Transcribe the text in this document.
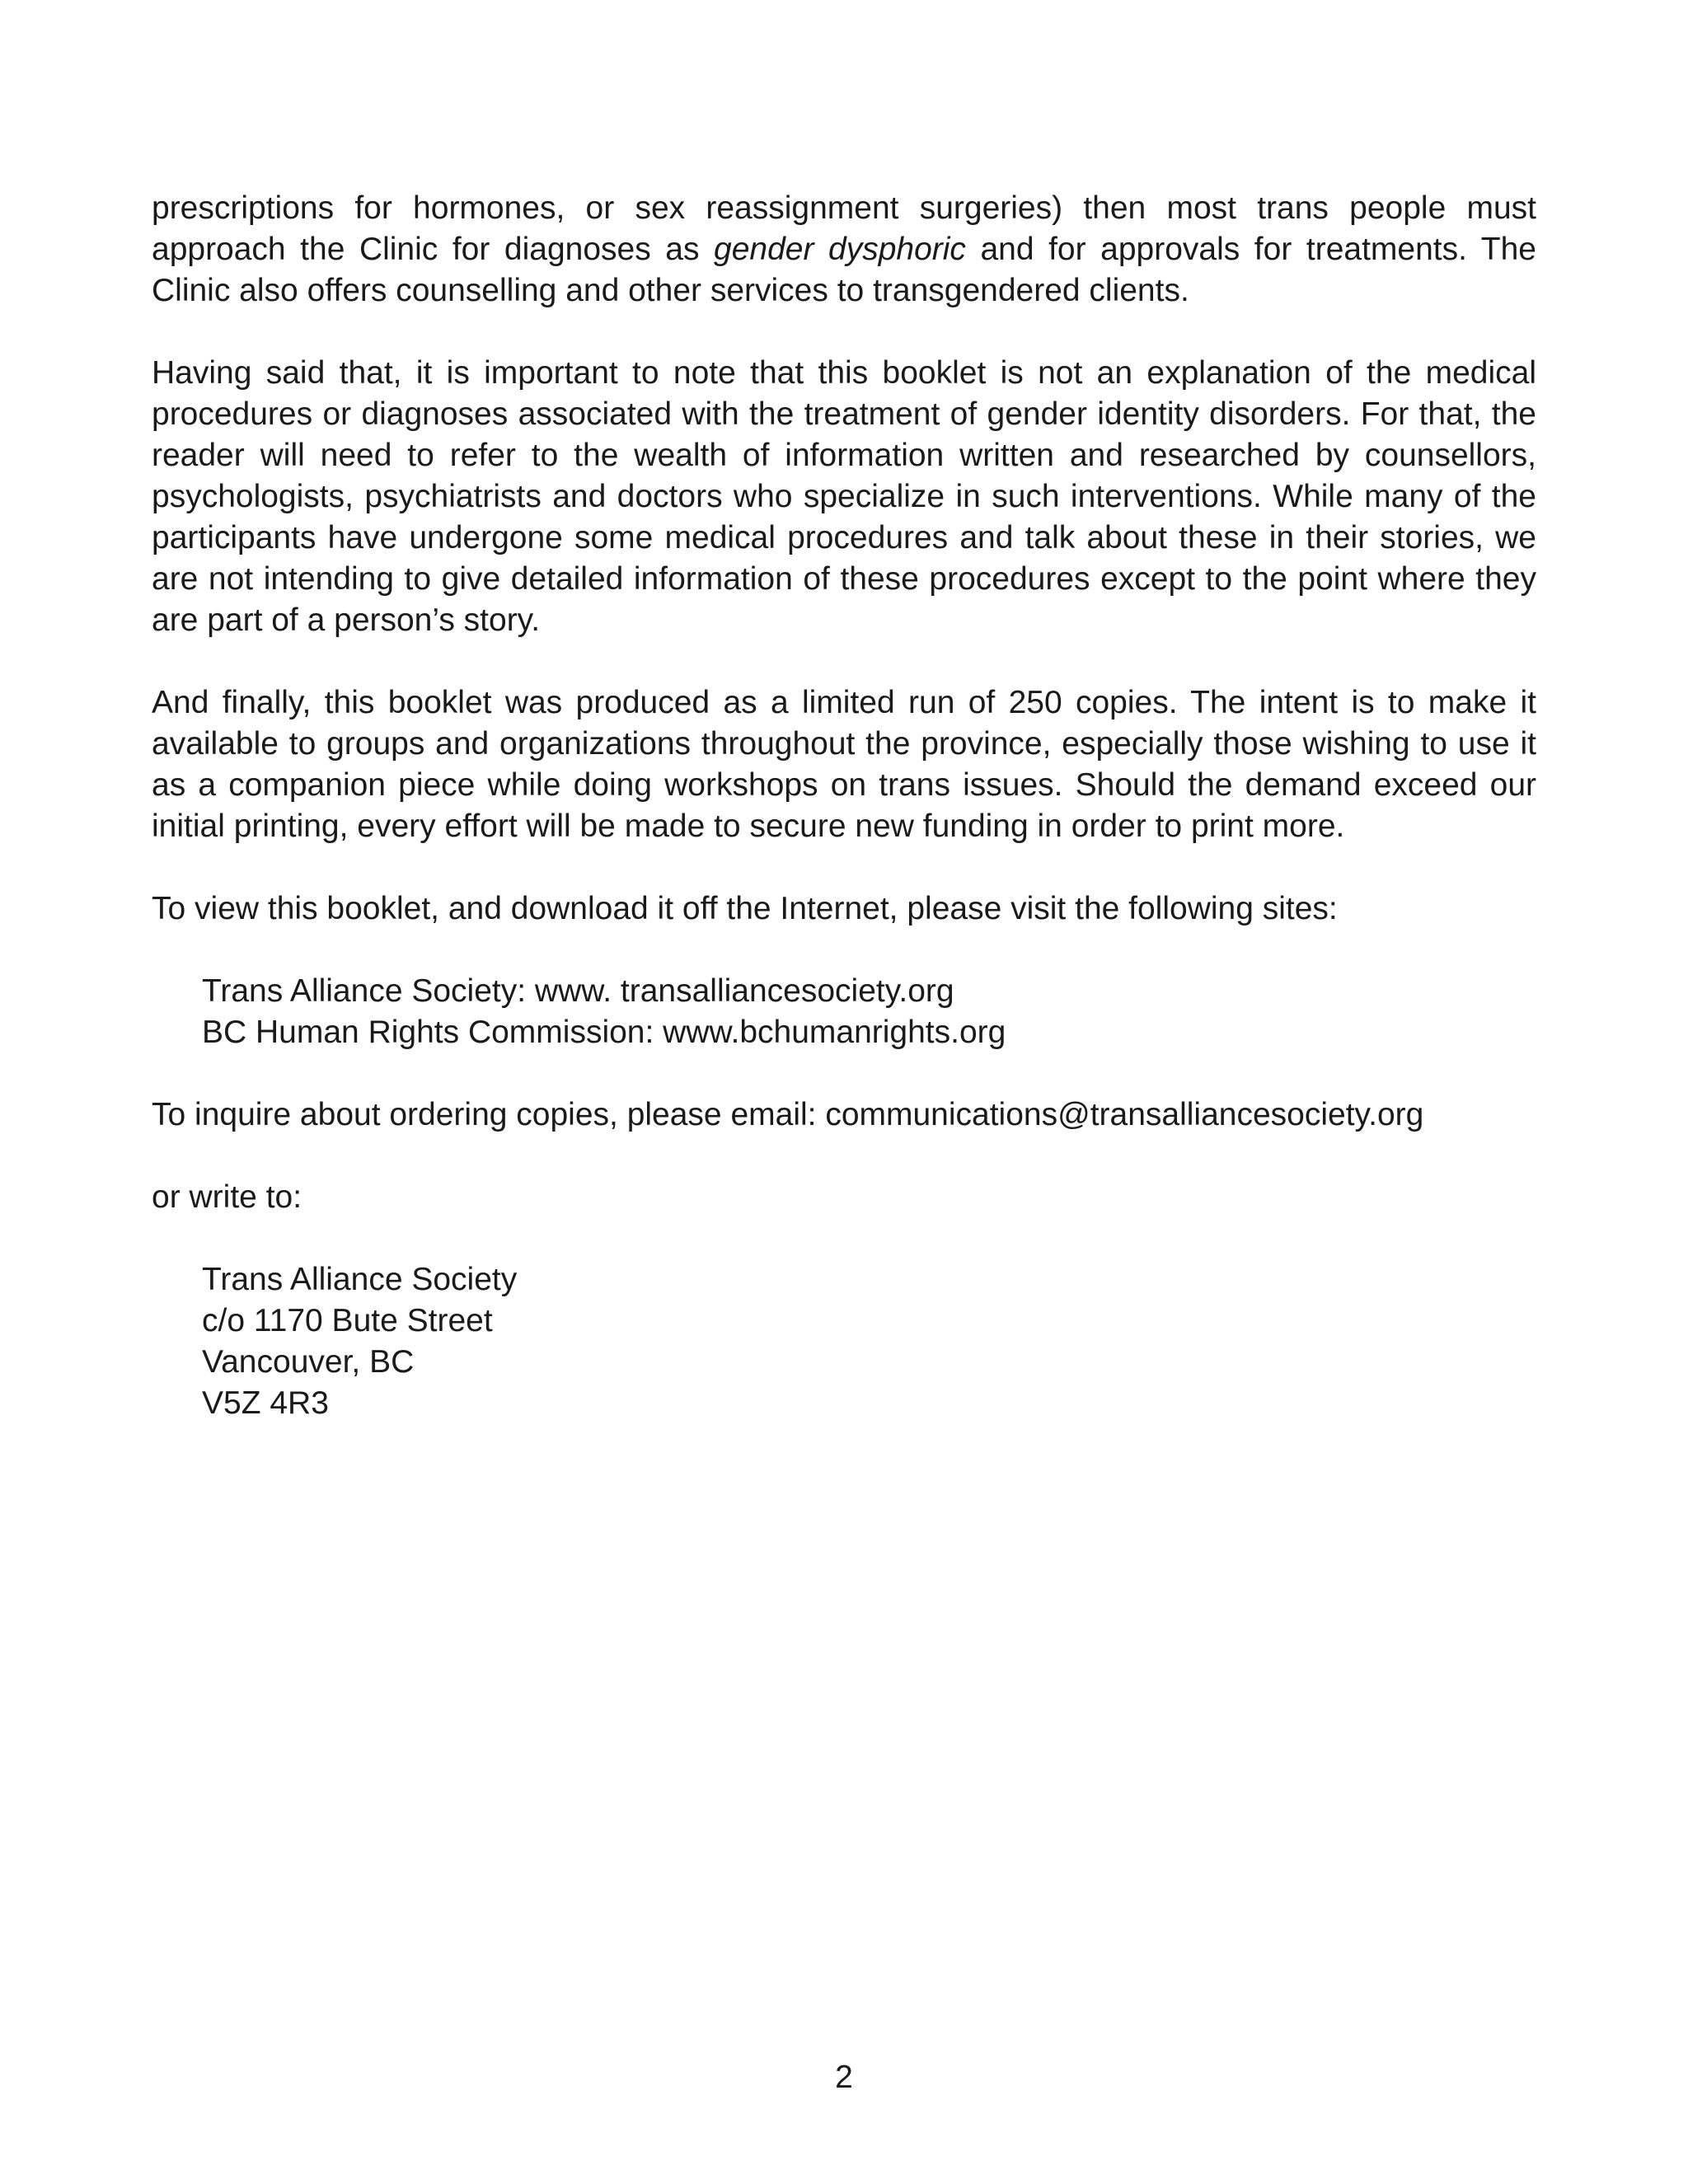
prescriptions for hormones, or sex reassignment surgeries) then most trans people must approach the Clinic for diagnoses as gender dysphoric and for approvals for treatments. The Clinic also offers counselling and other services to transgendered clients.

Having said that, it is important to note that this booklet is not an explanation of the medical procedures or diagnoses associated with the treatment of gender identity disorders. For that, the reader will need to refer to the wealth of information written and researched by counsellors, psychologists, psychiatrists and doctors who specialize in such interventions. While many of the participants have undergone some medical procedures and talk about these in their stories, we are not intending to give detailed information of these procedures except to the point where they are part of a person’s story.

And finally, this booklet was produced as a limited run of 250 copies. The intent is to make it available to groups and organizations throughout the province, especially those wishing to use it as a companion piece while doing workshops on trans issues. Should the demand exceed our initial printing, every effort will be made to secure new funding in order to print more.

To view this booklet, and download it off the Internet, please visit the following sites:

Trans Alliance Society: www. transalliancesociety.org
BC Human Rights Commission: www.bchumanrights.org

To inquire about ordering copies, please email: communications@transalliancesociety.org

or write to:

Trans Alliance Society
c/o 1170 Bute Street
Vancouver, BC
V5Z 4R3
2
